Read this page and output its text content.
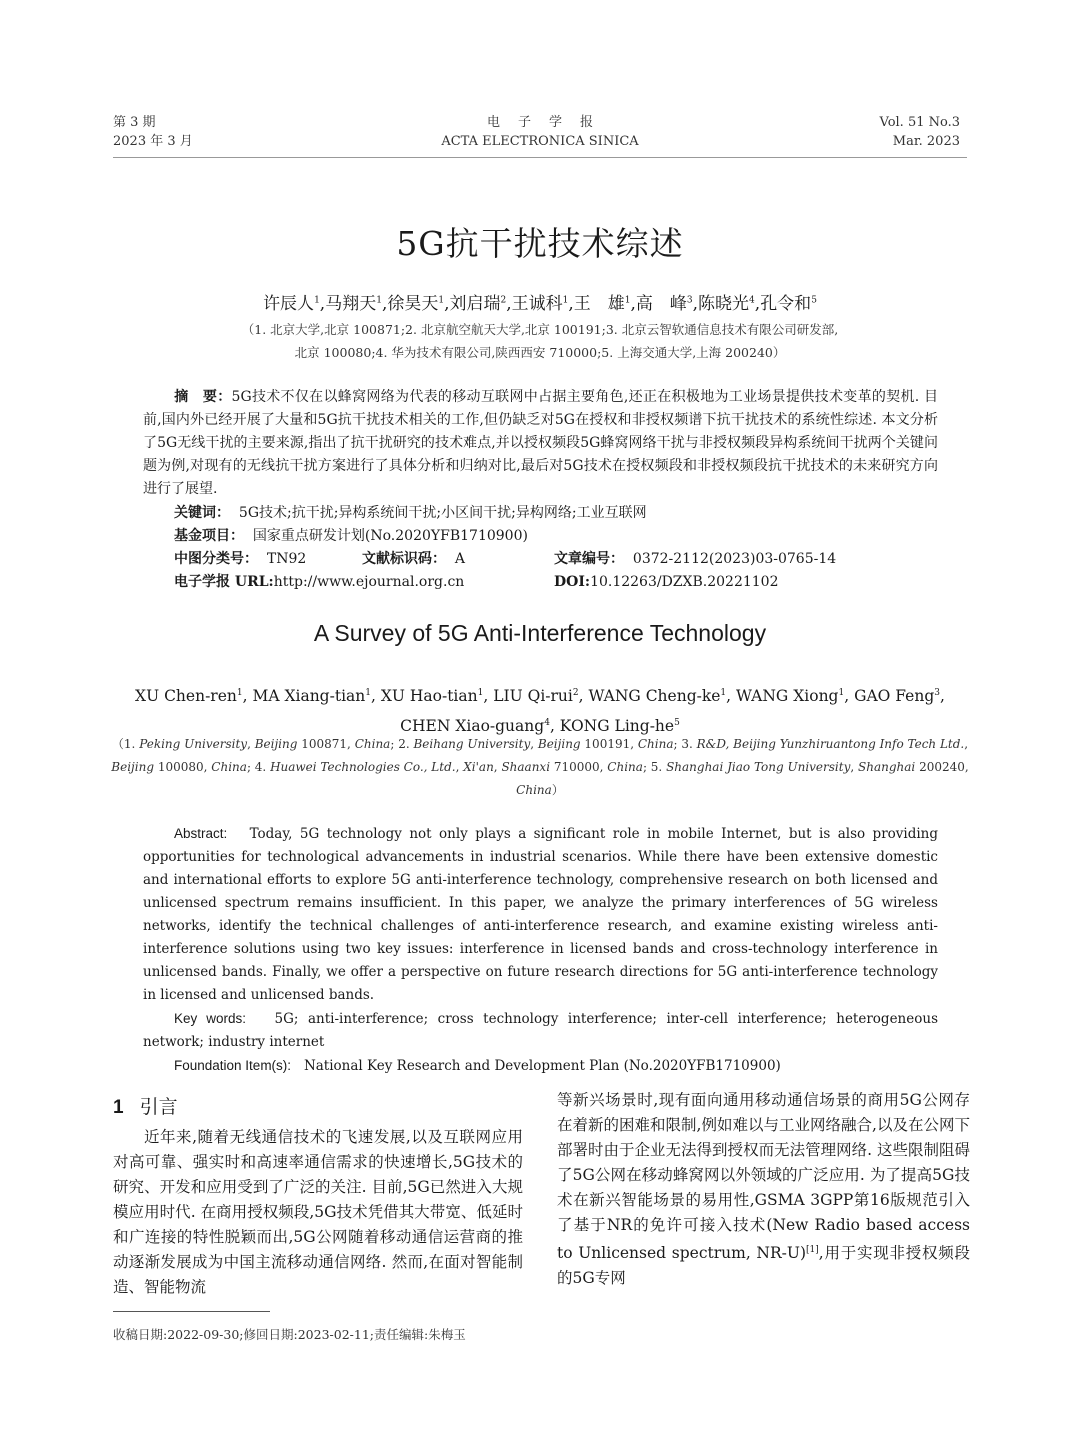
第 3 期
2023 年 3 月
电子学报
ACTA ELECTRONICA SINICA
Vol. 51 No.3
Mar. 2023
5G抗干扰技术综述
许辰人$^1$,马翔天$^1$,徐昊天$^1$,刘启瑞$^2$,王诚科$^1$,王　雄$^1$,高　峰$^3$,陈晓光$^4$,孔令和$^5$
（1. 北京大学,北京 100871;2. 北京航空航天大学,北京 100191;3. 北京云智软通信息技术有限公司研发部,
北京 100080;4. 华为技术有限公司,陕西西安 710000;5. 上海交通大学,上海 200240）
摘　要：5G技术不仅在以蜂窝网络为代表的移动互联网中占据主要角色,还正在积极地为工业场景提供技术变革的契机. 目前,国内外已经开展了大量和5G抗干扰技术相关的工作,但仍缺乏对5G在授权和非授权频谱下抗干扰技术的系统性综述. 本文分析了5G无线干扰的主要来源,指出了抗干扰研究的技术难点,并以授权频段5G蜂窝网络干扰与非授权频段异构系统间干扰两个关键问题为例,对现有的无线抗干扰方案进行了具体分析和归纳对比,最后对5G技术在授权频段和非授权频段抗干扰技术的未来研究方向进行了展望.
关键词： 5G技术;抗干扰;异构系统间干扰;小区间干扰;异构网络;工业互联网
基金项目： 国家重点研发计划(No.2020YFB1710900)
中图分类号： TN92	文献标识码： A	文章编号： 0372-2112(2023)03-0765-14
电子学报 URL:http://www.ejournal.org.cn	DOI:10.12263/DZXB.20221102
A Survey of 5G Anti-Interference Technology
XU Chen-ren$^1$, MA Xiang-tian$^1$, XU Hao-tian$^1$, LIU Qi-rui$^2$, WANG Cheng-$ke^1$, WANG Xiong$^1$, GAO Feng$^3$,
CHEN Xiao-guang$^4$, KONG Ling-$he^5$
（1. Peking University, Beijing 100871, China; 2. Beihang University, Beijing 100191, China; 3. R&D, Beijing Yunzhiruantong Info Tech Ltd., Beijing 100080, China; 4. Huawei Technologies Co., Ltd., Xi'an, Shaanxi 710000, China; 5. Shanghai Jiao Tong University, Shanghai 200240, China）
Abstract: Today, 5G technology not only plays a significant role in mobile Internet, but is also providing opportunities for technological advancements in industrial scenarios. While there have been extensive domestic and international efforts to explore 5G anti-interference technology, comprehensive research on both licensed and unlicensed spectrum remains insufficient. In this paper, we analyze the primary interferences of 5G wireless networks, identify the technical challenges of anti-interference research, and examine existing wireless anti-interference solutions using two key issues: interference in licensed bands and cross-technology interference in unlicensed bands. Finally, we offer a perspective on future research directions for 5G anti-interference technology in licensed and unlicensed bands.
Key words: 5G; anti-interference; cross technology interference; inter-cell interference; heterogeneous network; industry internet
Foundation Item(s): National Key Research and Development Plan (No.2020YFB1710900)
1 引言
近年来,随着无线通信技术的飞速发展,以及互联网应用对高可靠、强实时和高速率通信需求的快速增长,5G技术的研究、开发和应用受到了广泛的关注. 目前,5G已然进入大规模应用时代. 在商用授权频段,5G技术凭借其大带宽、低延时和广连接的特性脱颖而出,5G公网随着移动通信运营商的推动逐渐发展成为中国主流移动通信网络. 然而,在面对智能制造、智能物流
等新兴场景时,现有面向通用移动通信场景的商用5G公网存在着新的困难和限制,例如难以与工业网络融合,以及在公网下部署时由于企业无法得到授权而无法管理网络. 这些限制阻碍了5G公网在移动蜂窝网以外领域的广泛应用. 为了提高5G技术在新兴智能场景的易用性,GSMA 3GPP第16版规范引入了基于NR的免许可接入技术(New Radio based access to Unlicensed spectrum, NR-U)[1],用于实现非授权频段的5G专网
收稿日期:2022-09-30;修回日期:2023-02-11;责任编辑:朱梅玉
